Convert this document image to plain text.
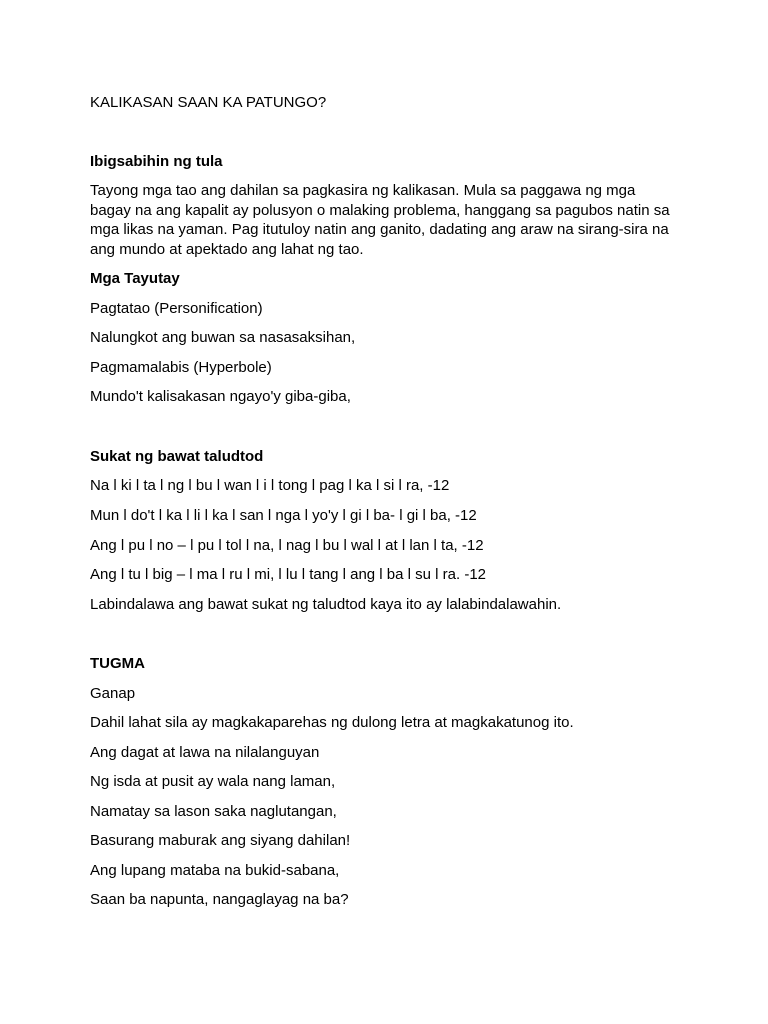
KALIKASAN SAAN KA PATUNGO?

Ibigsabihin ng tula

Tayong mga tao ang dahilan sa pagkasira ng kalikasan. Mula sa paggawa ng mga
bagay na ang kapalit ay polusyon o malaking problema, hanggang sa pagubos natin sa
mga likas na yaman. Pag itutuloy natin ang ganito, dadating ang araw na sirang-sira na
ang mundo at apektado ang lahat ng tao.

Mga Tayutay

Pagtatao (Personification)

Nalungkot ang buwan sa nasasaksihan,

Pagmamalabis (Hyperbole)

Mundo't kalisakasan ngayo'y giba-giba,

Sukat ng bawat taludtod

Na l ki l ta l ng l bu l wan l i l tong l pag l ka l si l ra, -12

Mun l do't l ka l li l ka l san l nga l yo'y l gi l ba- l gi l ba, -12

Ang l pu l no – l pu l tol l na, l nag l bu l wal l at l lan l ta, -12

Ang l tu l big – l ma l ru l mi, l lu l tang l ang l ba l su l ra. -12

Labindalawa ang bawat sukat ng taludtod kaya ito ay lalabindalawahin.

TUGMA

Ganap

Dahil lahat sila ay magkakaparehas ng dulong letra at magkakatunog ito.

Ang dagat at lawa na nilalanguyan

Ng isda at pusit ay wala nang laman,

Namatay sa lason saka naglutangan,

Basurang maburak ang siyang dahilan!

Ang lupang mataba na bukid-sabana,

Saan ba napunta, nangaglayag na ba?
